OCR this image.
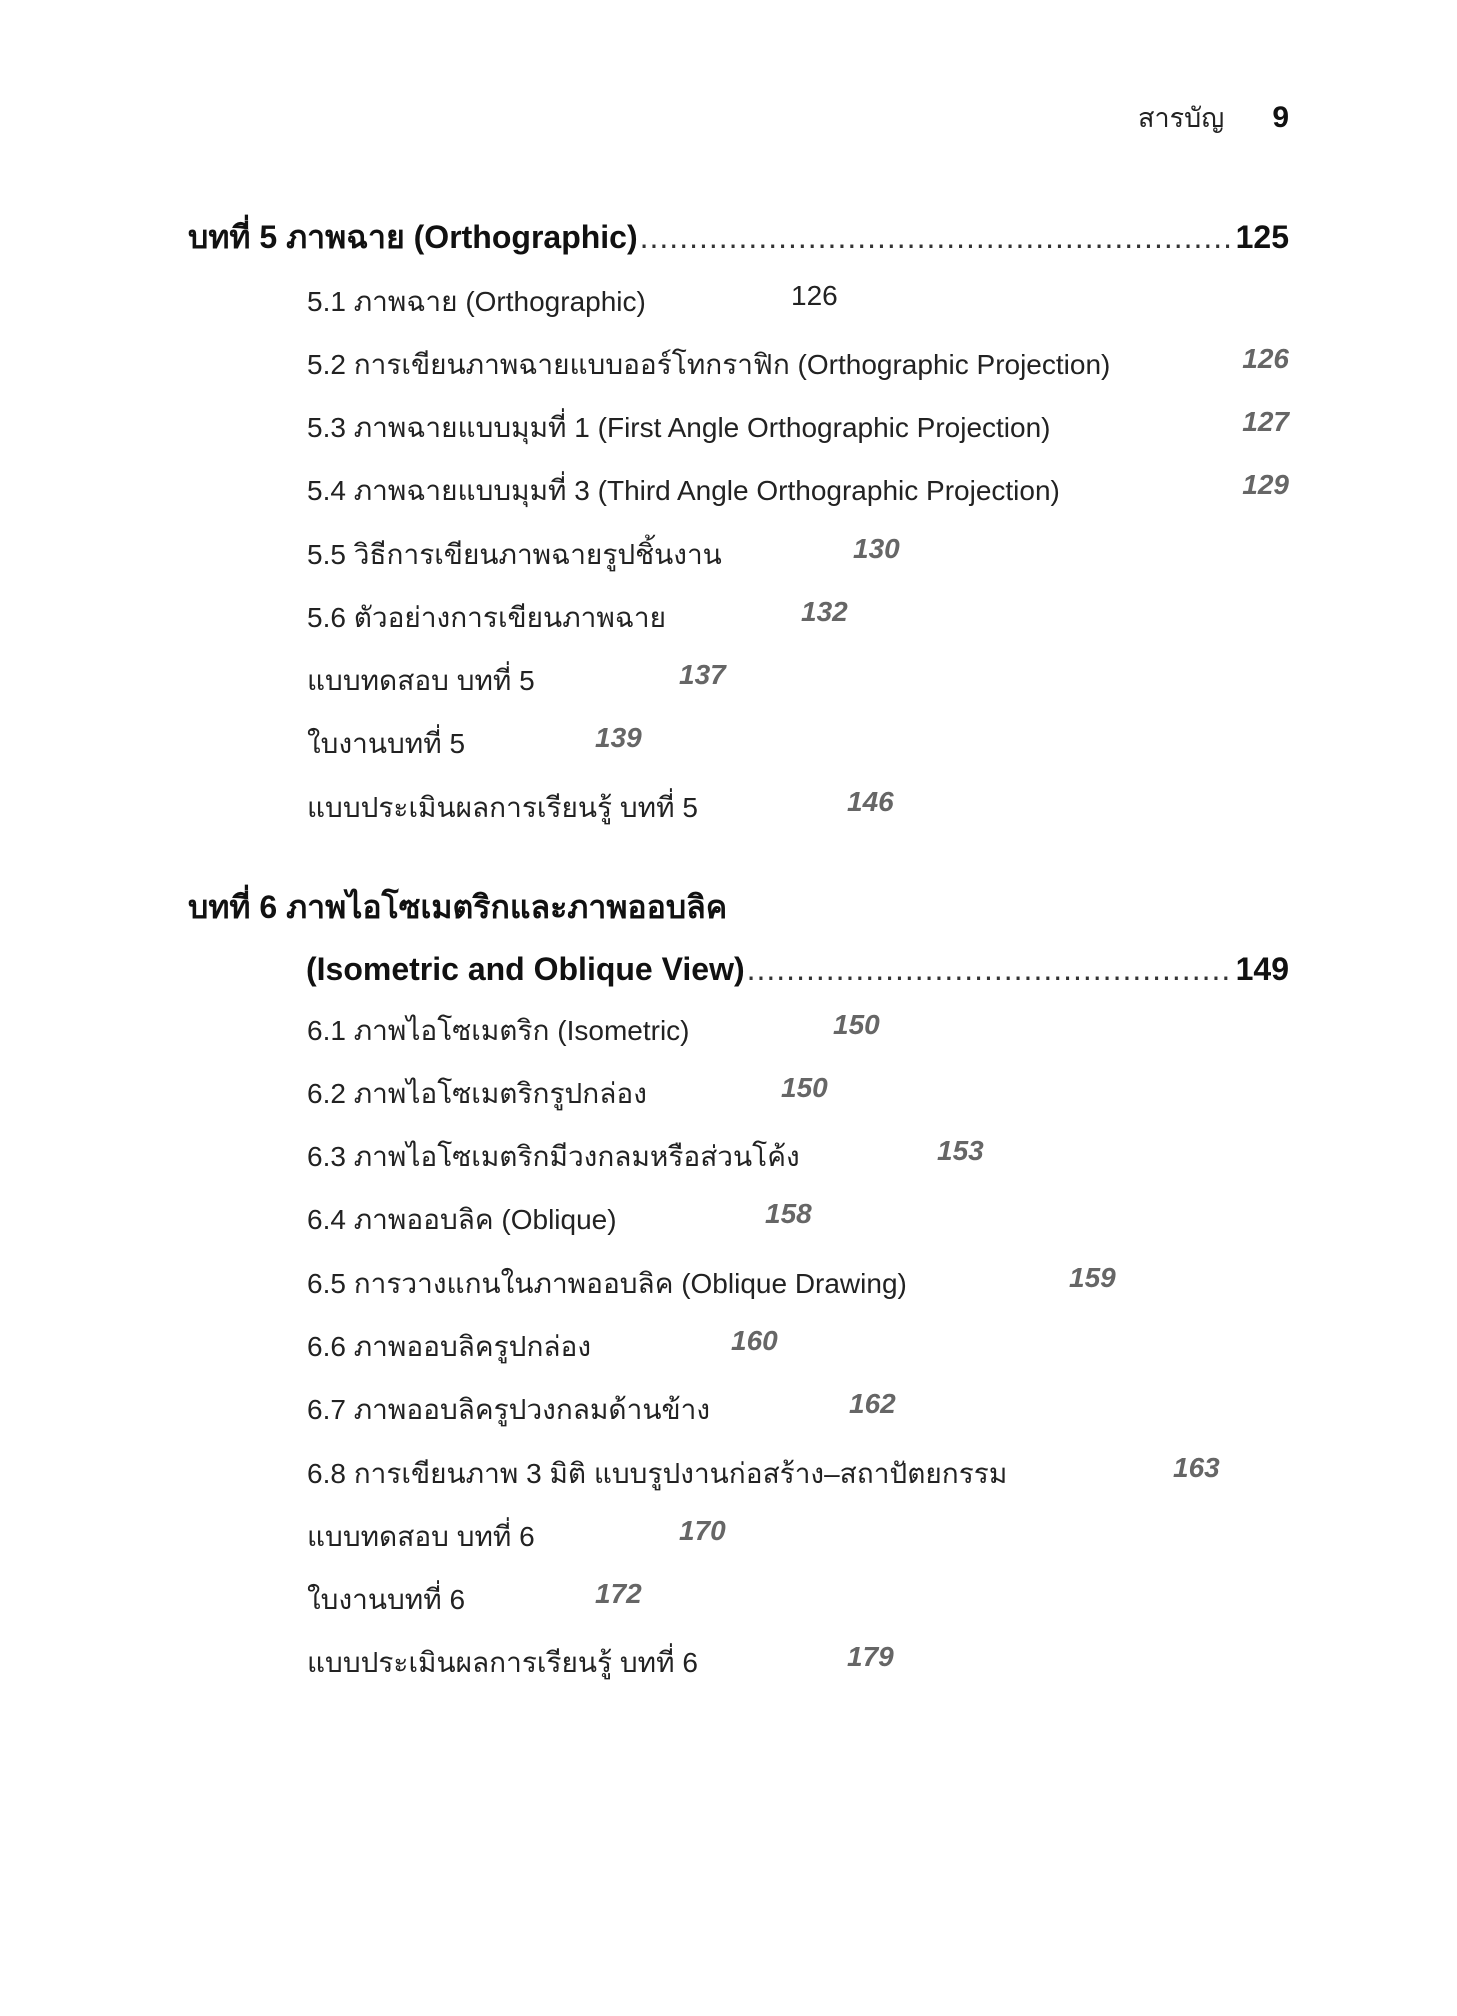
สารบัญ 9
บทที่ 5 ภาพฉาย (Orthographic) .....	125
5.1 ภาพฉาย (Orthographic)	126
5.2 การเขียนภาพฉายแบบออร์โทกราฟิก (Orthographic Projection)	126
5.3 ภาพฉายแบบมุมที่ 1 (First Angle Orthographic Projection)	127
5.4 ภาพฉายแบบมุมที่ 3 (Third Angle Orthographic Projection)	129
5.5 วิธีการเขียนภาพฉายรูปชิ้นงาน	130
5.6 ตัวอย่างการเขียนภาพฉาย	132
แบบทดสอบ บทที่ 5	137
ใบงานบทที่ 5	139
แบบประเมินผลการเรียนรู้ บทที่ 5	146
บทที่ 6 ภาพไอโซเมตริกและภาพออบลิค
(Isometric and Oblique View) .....	149
6.1 ภาพไอโซเมตริก (Isometric)	150
6.2 ภาพไอโซเมตริกรูปกล่อง	150
6.3 ภาพไอโซเมตริกมีวงกลมหรือส่วนโค้ง	153
6.4 ภาพออบลิค (Oblique)	158
6.5 การวางแกนในภาพออบลิค (Oblique Drawing)	159
6.6 ภาพออบลิครูปกล่อง	160
6.7 ภาพออบลิครูปวงกลมด้านข้าง	162
6.8 การเขียนภาพ 3 มิติ แบบรูปงานก่อสร้าง–สถาปัตยกรรม	163
แบบทดสอบ บทที่ 6	170
ใบงานบทที่ 6	172
แบบประเมินผลการเรียนรู้ บทที่ 6	179
